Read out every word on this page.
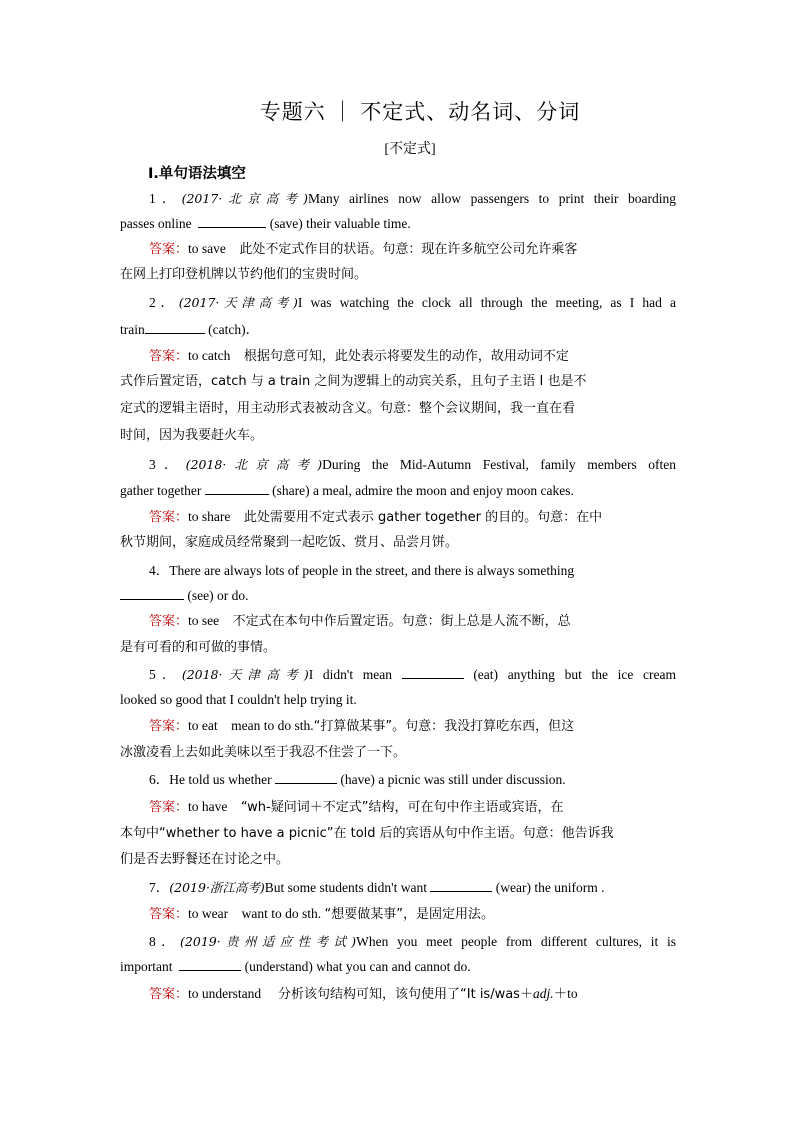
专题六 ｜ 不定式、动名词、分词
[不定式]
Ⅰ.单句语法填空
1．(2017·北京高考)Many airlines now allow passengers to print their boarding
passes online	(save) their valuable time.
答案：to save 此处不定式作目的状语。句意：现在许多航空公司允许乘客
在网上打印登机牌以节约他们的宝贵时间。
2．(2017·天津高考)I was watching the clock all through the meeting, as I had a
train	(catch)．
答案：to catch 根据句意可知，此处表示将要发生的动作，故用动词不定
式作后置定语，catch 与 a train 之间为逻辑上的动宾关系，且句子主语 I 也是不
定式的逻辑主语时，用主动形式表被动含义。句意：整个会议期间，我一直在看
时间，因为我要赶火车。
3．(2018·北京高考)During the Mid-Autumn Festival, family members often
gather together	(share) a meal, admire the moon and enjoy moon cakes.
答案：to share 此处需要用不定式表示 gather together 的目的。句意：在中
秋节期间，家庭成员经常聚到一起吃饭、赏月、品尝月饼。
4．There are always lots of people in the street, and there is always something
(see) or do.
答案：to see 不定式在本句中作后置定语。句意：街上总是人流不断，总
是有可看的和可做的事情。
5．(2018·天津高考)I didn't mean	(eat) anything but the ice cream
looked so good that I couldn't help trying it.
答案：to eat mean to do sth.“打算做某事”。句意：我没打算吃东西，但这
冰激凌看上去如此美味以至于我忍不住尝了一下。
6．He told us whether	(have) a picnic was still under discussion.
答案：to have “wh-疑问词＋不定式”结构，可在句中作主语或宾语，在
本句中“whether to have a picnic”在 told 后的宾语从句中作主语。句意：他告诉我
们是否去野餐还在讨论之中。
7．(2019·浙江高考)But some students didn't want	(wear) the uniform .
答案：to wear want to do sth. “想要做某事”，是固定用法。
8．(2019·贵州适应性考试)When you meet people from different cultures, it is
important	(understand) what you can and cannot do.
答案：to understand 分析该句结构可知，该句使用了“It is/was＋adj.＋to
